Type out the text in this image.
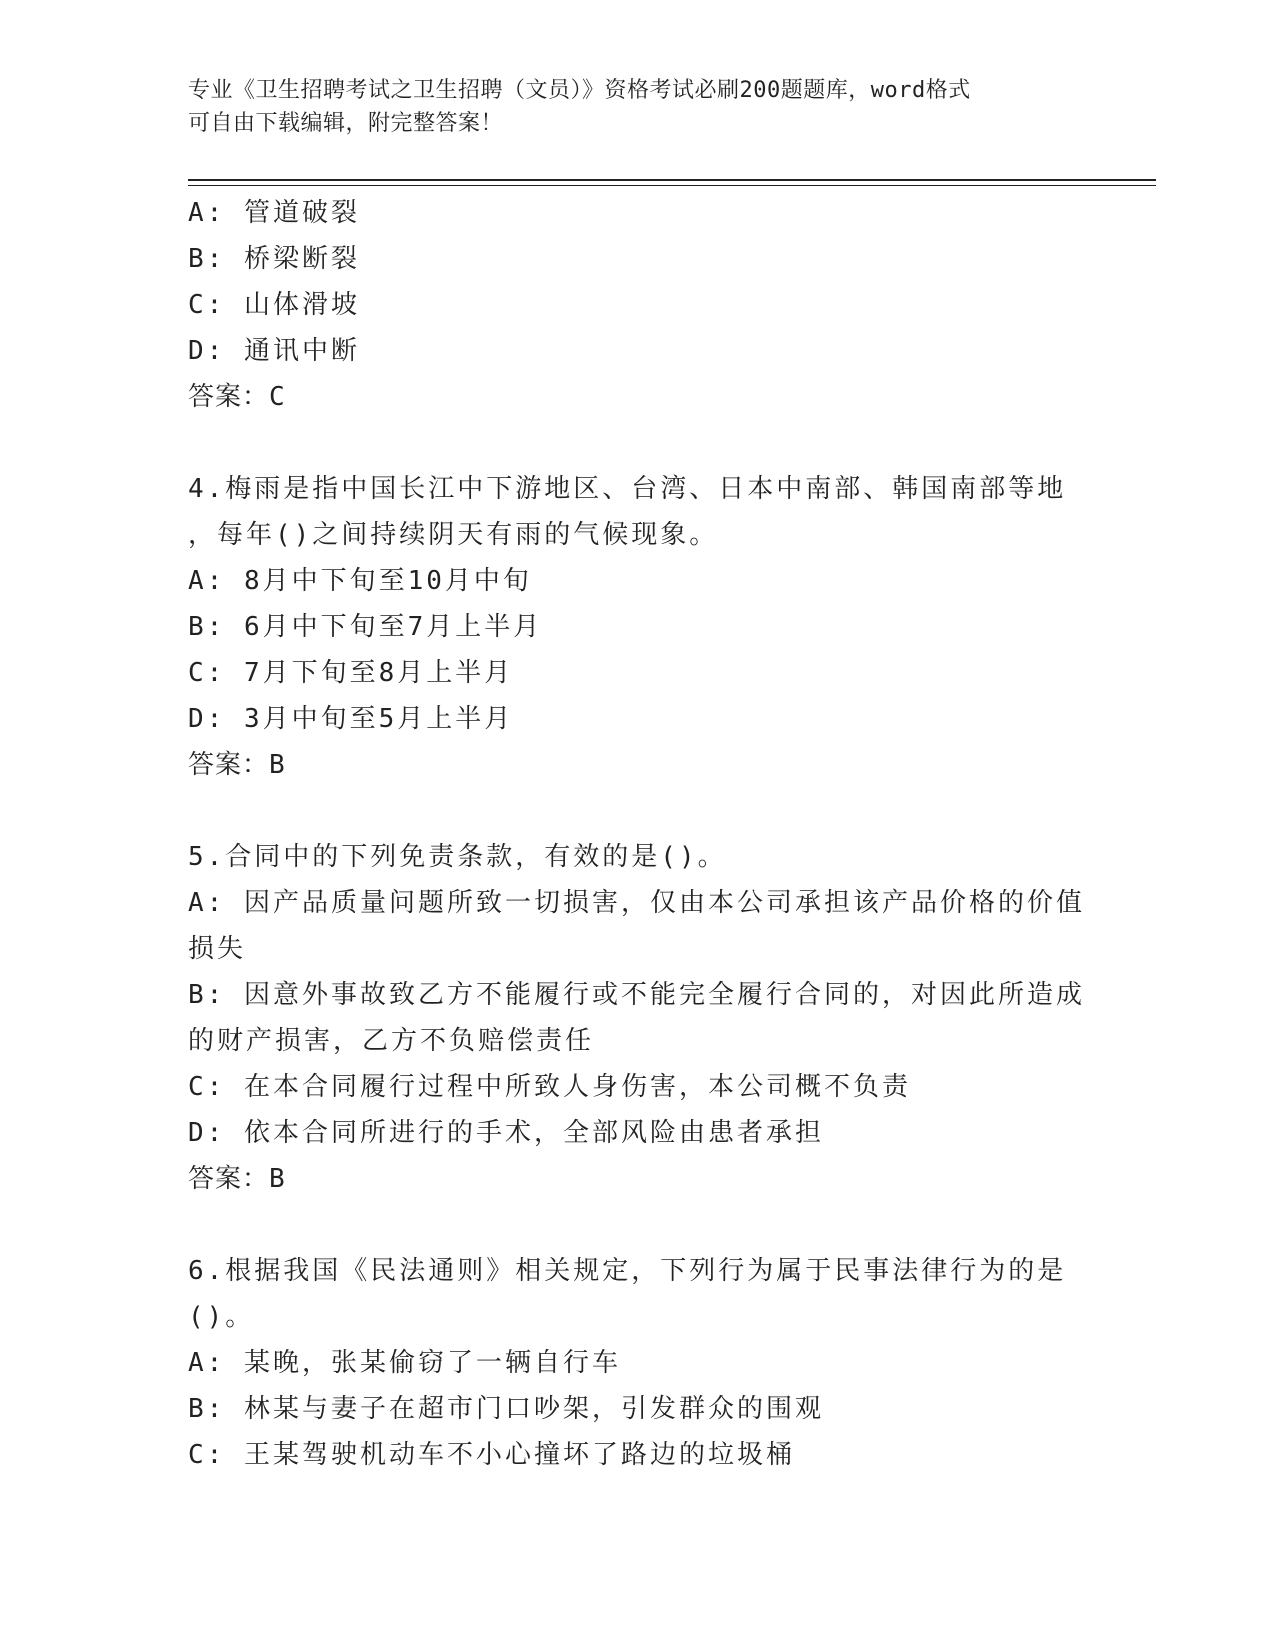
专业《卫生招聘考试之卫生招聘（文员）》资格考试必刷200题题库，word格式
可自由下载编辑，附完整答案！
A: 管道破裂
B: 桥梁断裂
C: 山体滑坡
D: 通讯中断
答案：C
4.梅雨是指中国长江中下游地区、台湾、日本中南部、韩国南部等地
，每年()之间持续阴天有雨的气候现象。
A: 8月中下旬至10月中旬
B: 6月中下旬至7月上半月
C: 7月下旬至8月上半月
D: 3月中旬至5月上半月
答案：B
5.合同中的下列免责条款，有效的是()。
A: 因产品质量问题所致一切损害，仅由本公司承担该产品价格的价值
损失
B: 因意外事故致乙方不能履行或不能完全履行合同的，对因此所造成
的财产损害，乙方不负赔偿责任
C: 在本合同履行过程中所致人身伤害，本公司概不负责
D: 依本合同所进行的手术，全部风险由患者承担
答案：B
6.根据我国《民法通则》相关规定，下列行为属于民事法律行为的是
()。
A: 某晚，张某偷窃了一辆自行车
B: 林某与妻子在超市门口吵架，引发群众的围观
C: 王某驾驶机动车不小心撞坏了路边的垃圾桶
